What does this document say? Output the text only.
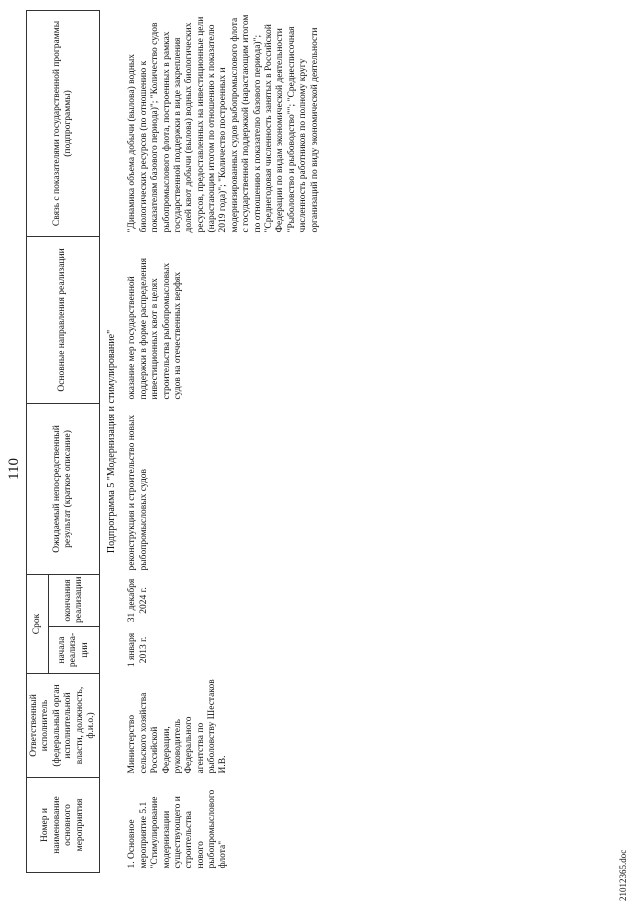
110
Номер и наименование основного мероприятия	Ответственный исполнитель (федеральный орган исполнительной власти, должность, ф.и.о.)	Срок		Ожидаемый непосредственный результат (краткое описание)	Основные направления реализации	Связь с показателями государственной программы (подпрограммы)
		начала реализа-ции	окончания реализации			
Подпрограмма 5 "Модернизация и стимулирование"						
1. Основное мероприятие 5.1 "Стимулирование модернизации существующего и строительства нового рыбопромыслового флота"	Министерство сельского хозяйства Российской Федерации, руководитель Федерального агентства по рыболовству Шестаков И.В.	1 января 2013 г.	31 декабря 2024 г.	реконструкция и строительство новых рыбопромысловых судов	оказание мер государственной поддержки в форме распределения инвестиционных квот в целях строительства рыбопромысловых судов на отечественных верфях	"Динамика объема добычи (вылова) водных биологических ресурсов (по отношению к показателям базового периода)"; "Количество судов рыбопромыслового флота, построенных в рамках государственной поддержки в виде закрепления долей квот добычи (вылова) водных биологических ресурсов, предоставленных на инвестиционные цели (нарастающим итогом по отношению к показателю 2019 года)"; "Количество построенных и модернизированных судов рыбопромыслового флота с государственной поддержкой (нарастающим итогом по отношению к показателю базового периода)"; "Среднегодовая численность занятых в Российской Федерации по видам экономической деятельности "Рыболовство и рыбоводство""; "Среднесписочная численность работников по полному кругу организаций по виду экономической деятельности
21012365.doc
